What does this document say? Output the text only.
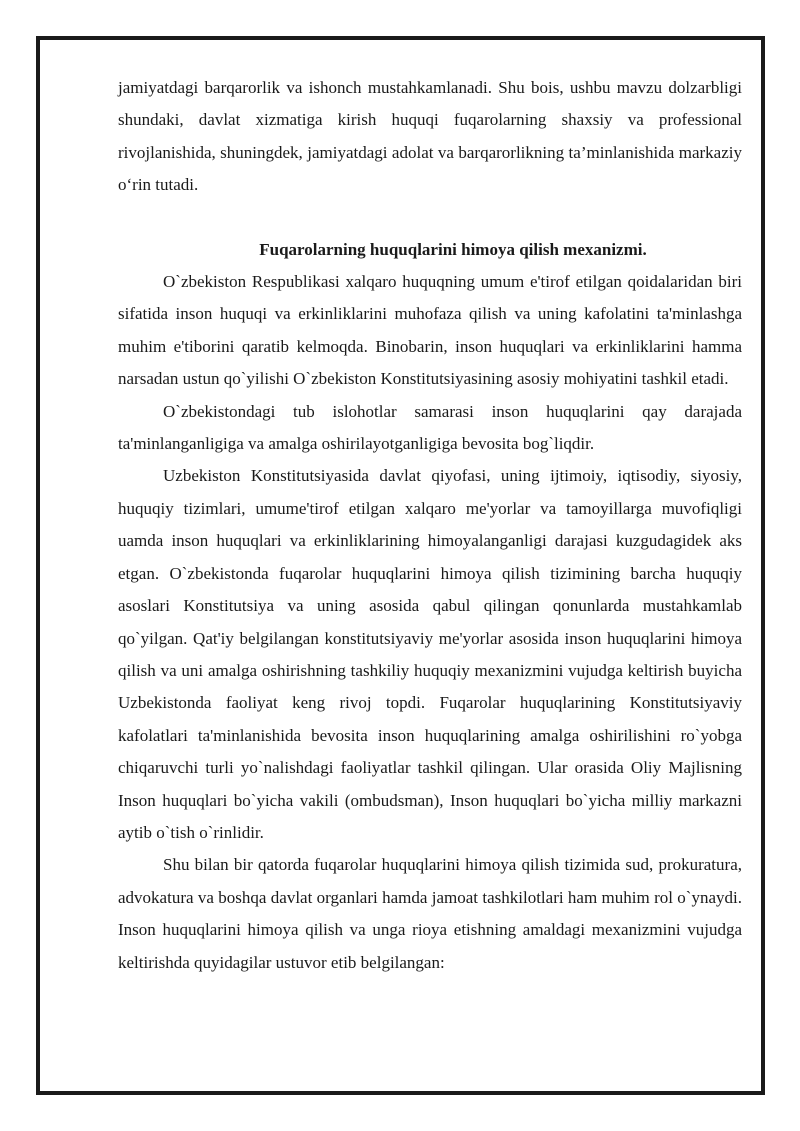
jamiyatdagi barqarorlik va ishonch mustahkamlanadi. Shu bois, ushbu mavzu dolzarbligi shundaki, davlat xizmatiga kirish huquqi fuqarolarning shaxsiy va professional rivojlanishida, shuningdek, jamiyatdagi adolat va barqarorlikning ta’minlanishida markaziy o‘rin tutadi.

Fuqarolarning huquqlarini himoya qilish mexanizmi.

O`zbekiston Respublikasi xalqaro huquqning umum e'tirof etilgan qoidalaridan biri sifatida inson huquqi va erkinliklarini muhofaza qilish va uning kafolatini ta'minlashga muhim e'tiborini qaratib kelmoqda. Binobarin, inson huquqlari va erkinliklarini hamma narsadan ustun qo`yilishi O`zbekiston Konstitutsiyasining asosiy mohiyatini tashkil etadi.

O`zbekistondagi tub islohotlar samarasi inson huquqlarini qay darajada ta'minlanganligiga va amalga oshirilayotganligiga bevosita bog`liqdir.

Uzbekiston Konstitutsiyasida davlat qiyofasi, uning ijtimoiy, iqtisodiy, siyosiy, huquqiy tizimlari, umume'tirof etilgan xalqaro me'yorlar va tamoyillarga muvofiqligi uamda inson huquqlari va erkinliklarining himoyalanganligi darajasi kuzgudagidek aks etgan. O`zbekistonda fuqarolar huquqlarini himoya qilish tizimining barcha huquqiy asoslari Konstitutsiya va uning asosida qabul qilingan qonunlarda mustahkamlab qo`yilgan. Qat'iy belgilangan konstitutsiyaviy me'yorlar asosida inson huquqlarini himoya qilish va uni amalga oshirishning tashkiliy huquqiy mexanizmini vujudga keltirish buyicha Uzbekistonda faoliyat keng rivoj topdi. Fuqarolar huquqlarining Konstitutsiyaviy kafolatlari ta'minlanishida bevosita inson huquqlarining amalga oshirilishini ro`yobga chiqaruvchi turli yo`nalishdagi faoliyatlar tashkil qilingan. Ular orasida Oliy Majlisning Inson huquqlari bo`yicha vakili (ombudsman), Inson huquqlari bo`yicha milliy markazni aytib o`tish o`rinlidir.

Shu bilan bir qatorda fuqarolar huquqlarini himoya qilish tizimida sud, prokuratura, advokatura va boshqa davlat organlari hamda jamoat tashkilotlari ham muhim rol o`ynaydi. Inson huquqlarini himoya qilish va unga rioya etishning amaldagi mexanizmini vujudga keltirishda quyidagilar ustuvor etib belgilangan:
